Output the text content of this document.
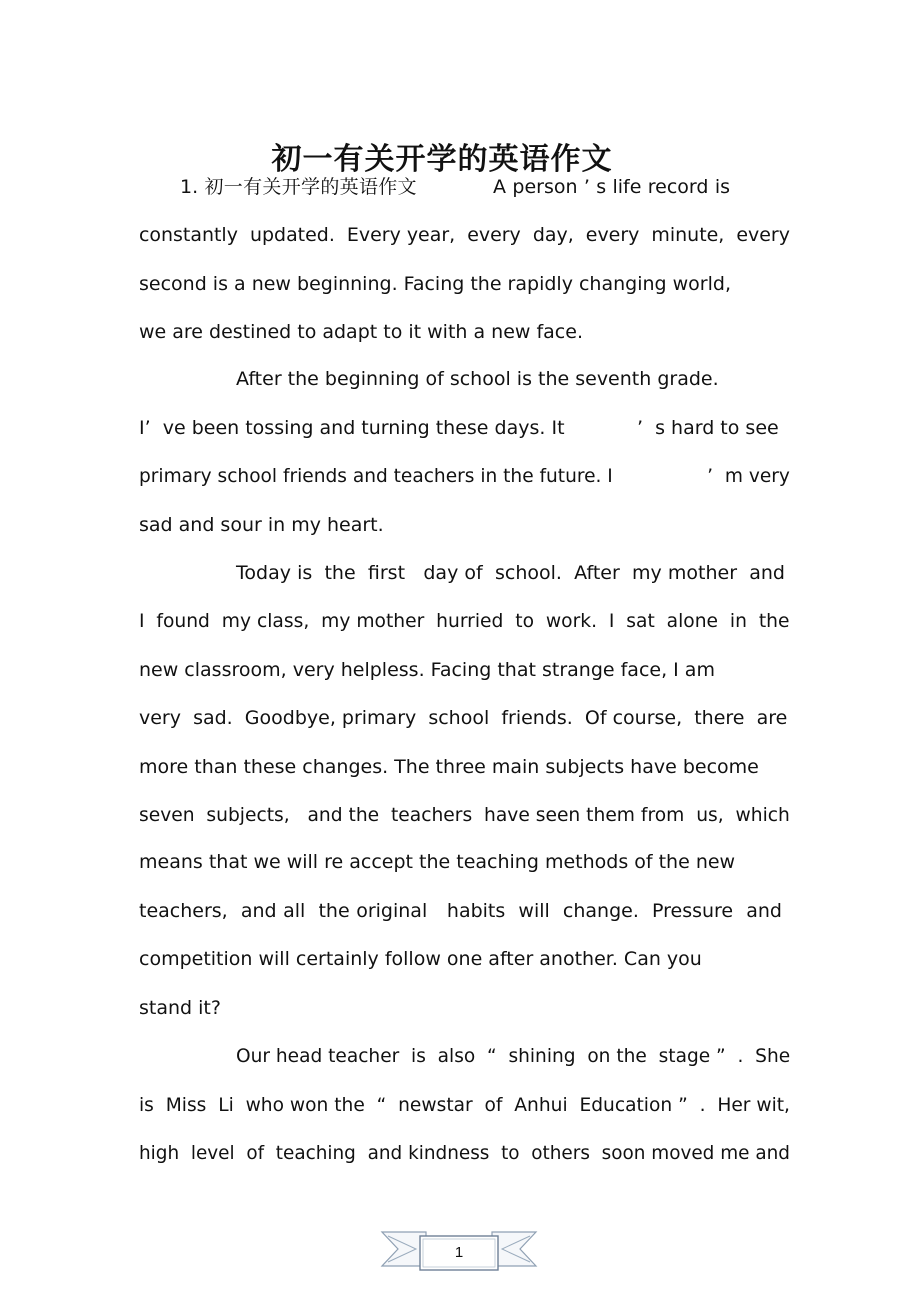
初一有关开学的英语作文
1. 初一有关开学的英语作文            A person ’ s life record is
constantly  updated.  Every year,  every  day,  every  minute,  every
second is a new beginning. Facing the rapidly changing world,
we are destined to adapt to it with a new face.
After the beginning of school is the seventh grade.
I’  ve been tossing and turning these days. It            ’  s hard to see
primary school friends and teachers in the future. I                ’  m very
sad and sour in my heart.
Today is  the  first   day of  school.  After  my mother  and
I  found  my class,  my mother  hurried  to  work.  I  sat  alone  in  the
new classroom, very helpless. Facing that strange face, I am
very  sad.  Goodbye, primary  school  friends.  Of course,  there  are
more than these changes. The three main subjects have become
seven  subjects,   and the  teachers  have seen them from  us,  which
means that we will re accept the teaching methods of the new
teachers,  and all  the original   habits  will  change.  Pressure  and
competition will certainly follow one after another. Can you
stand it?
Our head teacher  is  also  “  shining  on the  stage ”  .  She
is  Miss  Li  who won the  “  newstar  of  Anhui  Education ”  .  Her wit,
high  level  of  teaching  and kindness  to  others  soon moved me and
1
